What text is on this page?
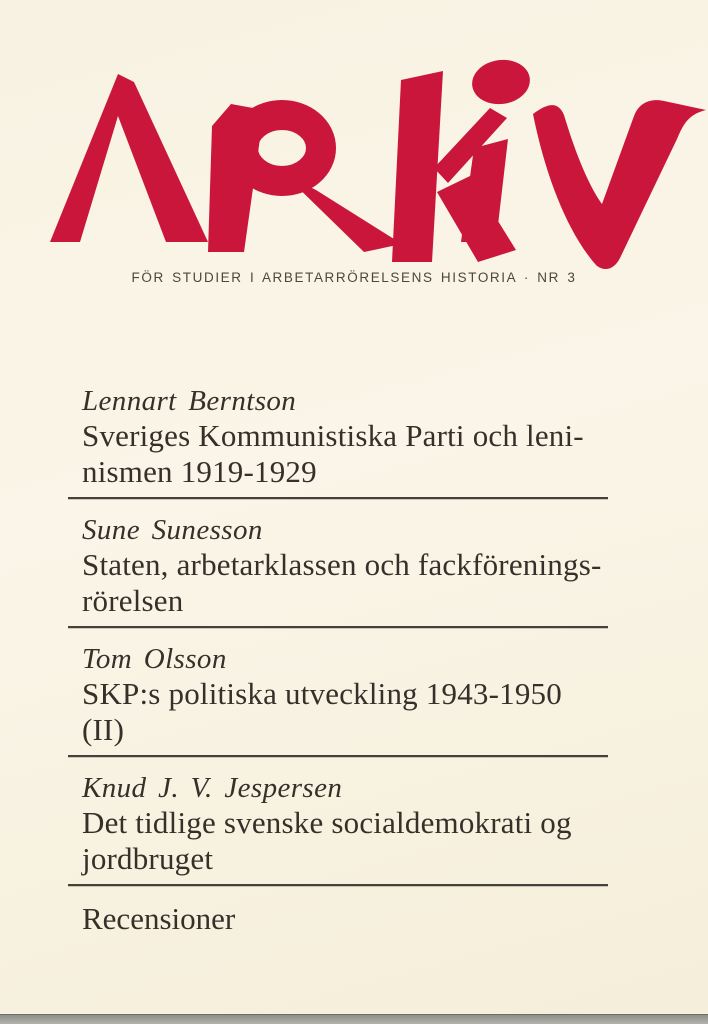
FÖR STUDIER I ARBETARRÖRELSENS HISTORIA · NR 3
Lennart Berntson
Sveriges Kommunistiska Parti och leni-
nismen 1919-1929
Sune Sunesson
Staten, arbetarklassen och fackförenings-
rörelsen
Tom Olsson
SKP:s politiska utveckling 1943-1950 (II)
Knud J. V. Jespersen
Det tidlige svenske socialdemokrati og
jordbruget
Recensioner
